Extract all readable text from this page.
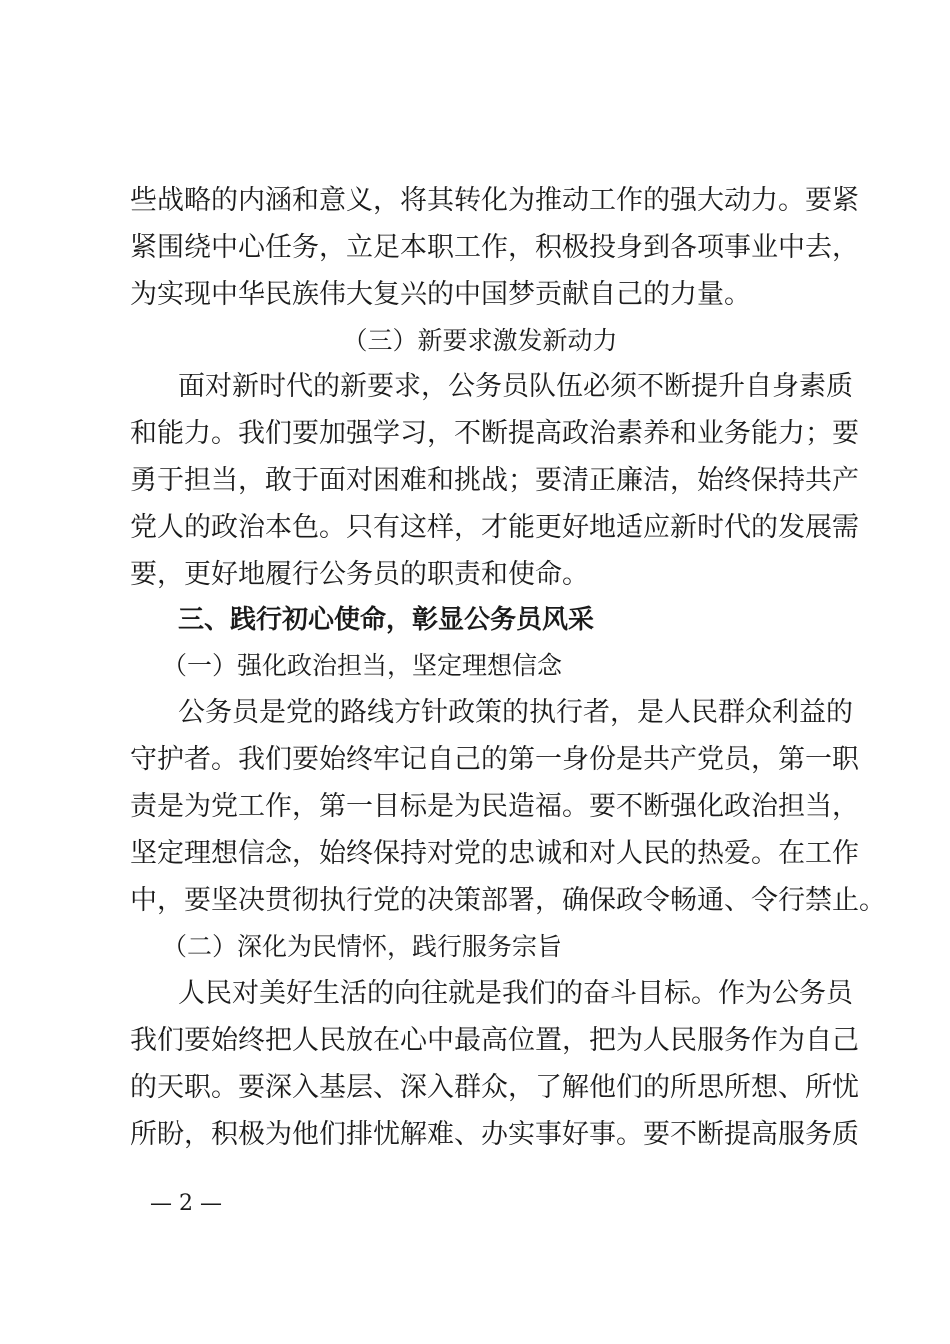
些战略的内涵和意义，将其转化为推动工作的强大动力。要紧
紧围绕中心任务，立足本职工作，积极投身到各项事业中去，
为实现中华民族伟大复兴的中国梦贡献自己的力量。
（三）新要求激发新动力
面对新时代的新要求，公务员队伍必须不断提升自身素质
和能力。我们要加强学习，不断提高政治素养和业务能力；要
勇于担当，敢于面对困难和挑战；要清正廉洁，始终保持共产
党人的政治本色。只有这样，才能更好地适应新时代的发展需
要，更好地履行公务员的职责和使命。
三、践行初心使命，彰显公务员风采
（一）强化政治担当，坚定理想信念
公务员是党的路线方针政策的执行者，是人民群众利益的
守护者。我们要始终牢记自己的第一身份是共产党员，第一职
责是为党工作，第一目标是为民造福。要不断强化政治担当，
坚定理想信念，始终保持对党的忠诚和对人民的热爱。在工作
中，要坚决贯彻执行党的决策部署，确保政令畅通、令行禁止。
（二）深化为民情怀，践行服务宗旨
人民对美好生活的向往就是我们的奋斗目标。作为公务员
我们要始终把人民放在心中最高位置，把为人民服务作为自己
的天职。要深入基层、深入群众，了解他们的所思所想、所忧
所盼，积极为他们排忧解难、办实事好事。要不断提高服务质
— 2 —
